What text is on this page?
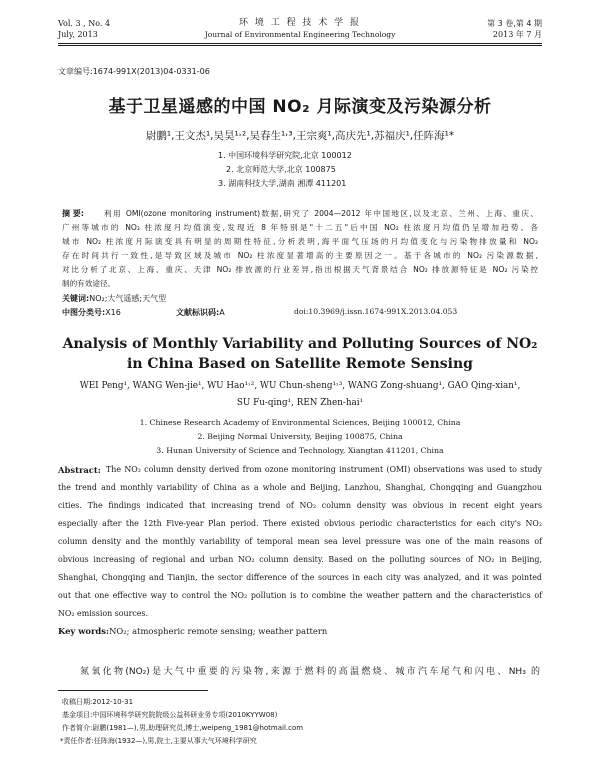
Vol. 3 , No. 4
July, 2013
环 境 工 程 技 术 学 报
Journal of Environmental Engineering Technology
第 3 卷,第 4 期
2013 年 7 月
文章编号:1674-991X(2013)04-0331-06
基于卫星遥感的中国 NO₂ 月际演变及污染源分析
尉鹏¹,王文杰¹,吴昊¹˒²,吴春生¹˒³,王宗爽¹,高庆先¹,苏福庆¹,任阵海¹*
1. 中国环境科学研究院,北京 100012
2. 北京师范大学,北京 100875
3. 湖南科技大学,湖南 湘潭 411201
摘 要:	利用 OMI(ozone monitoring instrument)数据,研究了 2004—2012 年中国地区,以及北京、兰州、上海、重庆、
广州等城市的 NO₂ 柱浓度月均值演变,发现近 8 年特别是"十二五"后中国 NO₂ 柱浓度月均值仍呈增加趋势。各
城市 NO₂ 柱浓度月际演变具有明显的周期性特征,分析表明,海平面气压场的月均值变化与污染物排放量和 NO₂
存在时间共行一致性,是导致区域及城市 NO₂ 柱浓度显著增高的主要原因之一。基于各城市的 NO₂ 污染源数据,
对比分析了北京、上海、重庆、天津 NO₂ 排放源的行业差异,指出根据天气背景结合 NO₂ 排放源特征是 NO₂ 污染控
制的有效途径。
关键词:NO₂;大气遥感;天气型
中图分类号:X16	文献标识码:A	doi:10.3969/j.issn.1674-991X.2013.04.053
Analysis of Monthly Variability and Polluting Sources of NO₂
in China Based on Satellite Remote Sensing
WEI Peng¹, WANG Wen-jie¹, WU Hao¹˒², WU Chun-sheng¹˒³, WANG Zong-shuang¹, GAO Qing-xian¹,
SU Fu-qing¹, REN Zhen-hai¹
1. Chinese Research Academy of Environmental Sciences, Beijing 100012, China
2. Beijing Normal University, Beijing 100875, China
3. Hunan University of Science and Technology, Xiangtan 411201, China
Abstract: The NO₂ column density derived from ozone monitoring instrument (OMI) observations was used to study
the trend and monthly variability of China as a whole and Beijing, Lanzhou, Shanghai, Chongqing and Guangzhou
cities. The findings indicated that increasing trend of NO₂ column density was obvious in recent eight years
especially after the 12th Five-year Plan period. There existed obvious periodic characteristics for each city's NO₂
column density and the monthly variability of temporal mean sea level pressure was one of the main reasons of
obvious increasing of regional and urban NO₂ column density. Based on the polluting sources of NO₂ in Beijing,
Shanghai, Chongqing and Tianjin, the sector difference of the sources in each city was analyzed, and it was pointed
out that one effective way to control the NO₂ pollution is to combine the weather pattern and the characteristics of
NO₂ emission sources.
Key words:NO₂; atmospheric remote sensing; weather pattern
氮氧化物(NO₂)是大气中重要的污染物,来源于燃料的高温燃烧、城市汽车尾气和闪电、NH₃ 的
收稿日期:2012-10-31
基金项目:中国环境科学研究院院级公益科研业务专项(2010KYYW08)
作者简介:尉鹏(1981—),男,助理研究员,博士,weipeng_1981@hotmail.com
*责任作者:任阵海(1932—),男,院士,主要从事大气环境科学研究
